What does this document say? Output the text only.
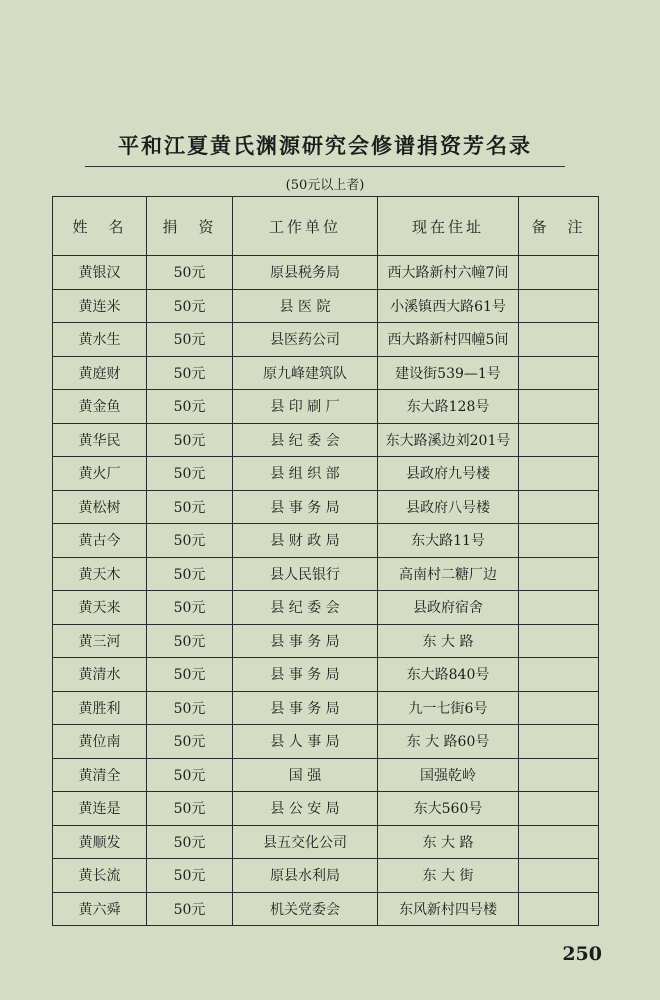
平和江夏黄氏渊源研究会修谱捐资芳名录
(50元以上者)
姓　名	捐　资	工作单位	现在住址	备　注
黄银汉	50元	原县税务局	西大路新村六幢7间	
黄连米	50元	县 医 院	小溪镇西大路61号	
黄水生	50元	县医药公司	西大路新村四幢5间	
黄庭财	50元	原九峰建筑队	建设街539—1号	
黄金鱼	50元	县 印 刷 厂	东大路128号	
黄华民	50元	县 纪 委 会	东大路溪边刘201号	
黄火厂	50元	县 组 织 部	县政府九号楼	
黄松树	50元	县 事 务 局	县政府八号楼	
黄古今	50元	县 财 政 局	东大路11号	
黄天木	50元	县人民银行	高南村二糖厂边	
黄天来	50元	县 纪 委 会	县政府宿舍	
黄三河	50元	县 事 务 局	东 大 路	
黄清水	50元	县 事 务 局	东大路840号	
黄胜利	50元	县 事 务 局	九一七街6号	
黄位南	50元	县 人 事 局	东 大 路60号	
黄清全	50元	国 强	国强乾岭	
黄连是	50元	县 公 安 局	东大560号	
黄顺发	50元	县五交化公司	东 大 路	
黄长流	50元	原县水利局	东 大 街	
黄六舜	50元	机关党委会	东风新村四号楼	
250
